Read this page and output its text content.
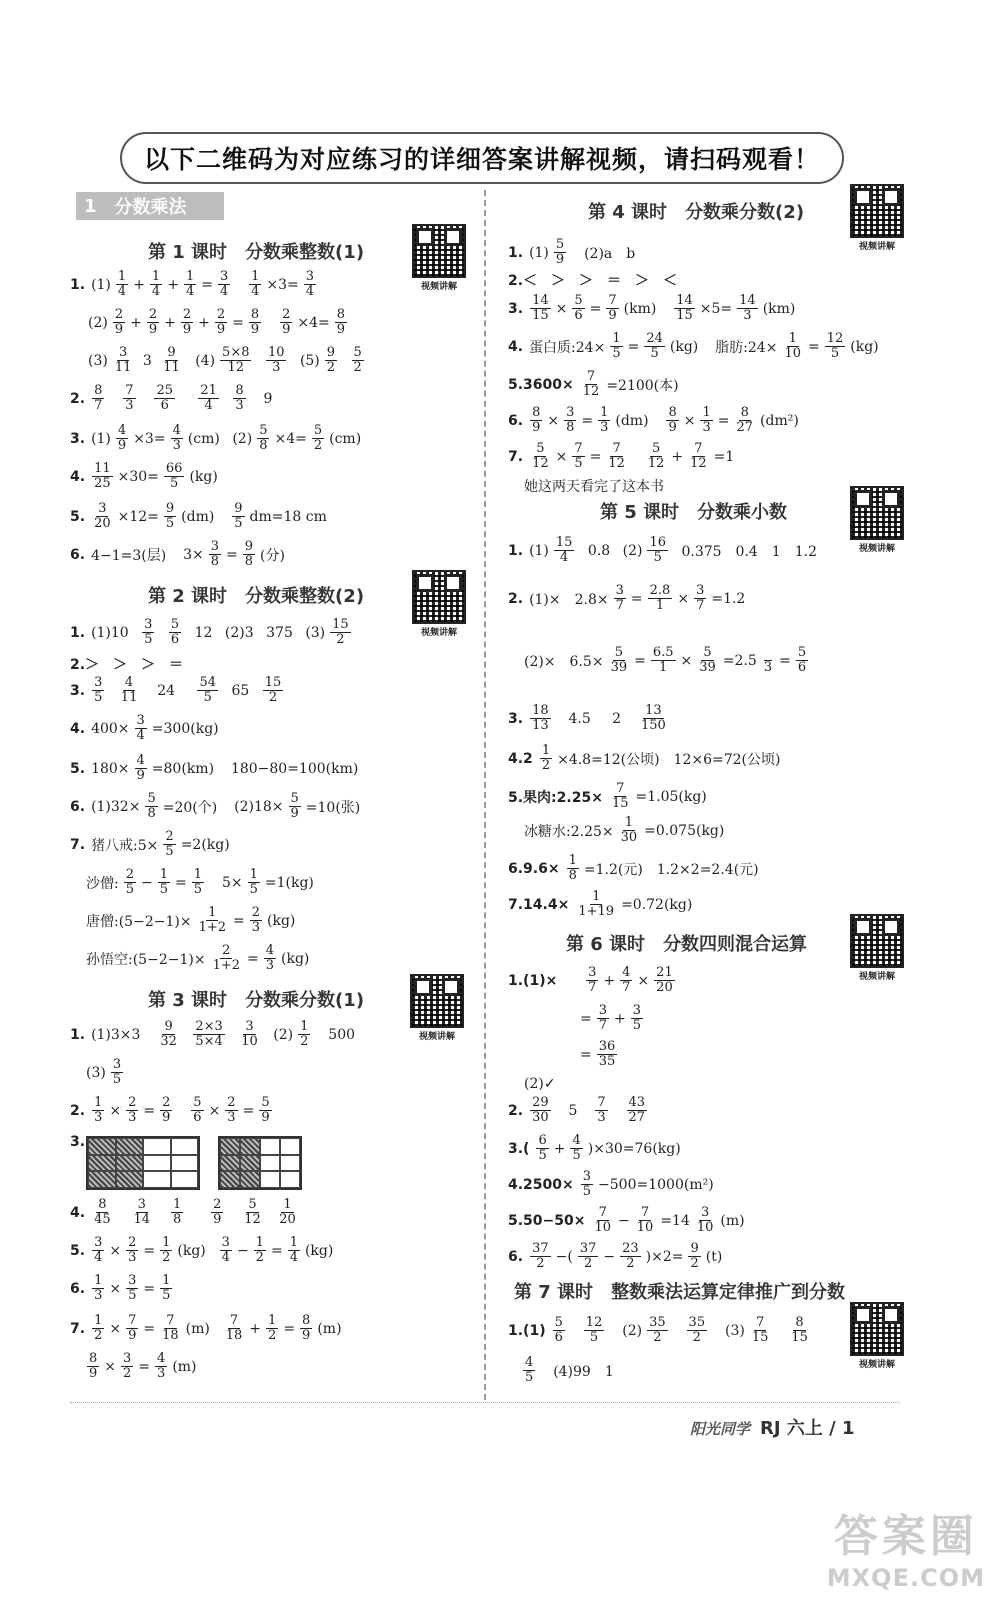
以下二维码为对应练习的详细答案讲解视频，请扫码观看！
1 分数乘法
视频讲解
视频讲解
视频讲解
视频讲解
视频讲解
视频讲解
视频讲解
第 1 课时 分数乘整数(1)
第 2 课时 分数乘整数(2)
第 3 课时 分数乘分数(1)
第 4 课时 分数乘分数(2)
第 5 课时 分数乘小数
第 6 课时 分数四则混合运算
第 7 课时 整数乘法运算定律推广到分数
1. $(1) \frac{1}{4} + \frac{1}{4} + \frac{1}{4} = \frac{3}{4}$
$\frac{1}{4} \times 3= \frac{3}{4}$
$(2) \frac{2}{9} + \frac{2}{9} + \frac{2}{9} + \frac{2}{9} = \frac{8}{9}$
$\frac{2}{9} \times 4= \frac{8}{9}$
$(3) \frac{3}{11} 3 \frac{9}{11}$
$(4) \frac{5\times 8}{12}$
$\frac{10}{3}$
$(5) \frac{9}{2}$
$\frac{5}{2}$
2. $\frac{8}{7}$
$\frac{7}{3}$
$\frac{25}{6}$
$\frac{21}{4}$
$\frac{8}{3}$
9
3. $(1) \frac{4}{9} \times 3= \frac{4}{3} (cm)$
$(2) \frac{5}{8} \times 4= \frac{5}{2} (cm)$
4. $\frac{11}{25} \times 30= \frac{66}{5} (kg)$
5. $\frac{3}{20} \times 12= \frac{9}{5} (dm)$
$\frac{9}{5} dm=18$ cm
6. 4−1=3(层)
$3\times \frac{3}{8} = \frac{9}{8}$ (分)
1. (1)10
$\frac{3}{5}$
$\frac{5}{6}$
12
(2)3
375
$(3) \frac{15}{2}$
2.＞　＞　＞　＝
3. $\frac{3}{5}$
$\frac{4}{11}$
24
$\frac{54}{5}$
65
$\frac{15}{2}$
4. $400\times \frac{3}{4} =300(kg)$
5. $180\times \frac{4}{9} =80(km)$
180−80=100(km)
6. $(1)32\times \frac{5}{8} =20$(个)
$(2)18\times \frac{5}{9} =10$(张)
7. 猪八戒:5× $\frac{2}{5} =2(kg)$
沙僧: $\frac{2}{5} - \frac{1}{5} = \frac{1}{5}$
$5\times \frac{1}{5} =1(kg)$
唐僧:(5−2−1)× $\frac{1}{1+2} = \frac{2}{3} (kg)$
孙悟空:(5−2−1)× $\frac{2}{1+2} = \frac{4}{3} (kg)$
1. (1)3×3
$\frac{9}{32}$
$\frac{2\times 3}{5\times 4}$
$\frac{3}{10}$
$(2) \frac{1}{2}$
500
$(3) \frac{3}{5}$
2. $\frac{1}{3} \times \frac{2}{3} = \frac{2}{9}$
$\frac{5}{6} \times \frac{2}{3} = \frac{5}{9}$
3.
4. $\frac{8}{45}$
$\frac{3}{14}$
$\frac{1}{8}$
$\frac{2}{9}$
$\frac{5}{12}$
$\frac{1}{20}$
5. $\frac{3}{4} \times \frac{2}{3} = \frac{1}{2} (kg) \frac{3}{4} - \frac{1}{2} = \frac{1}{4} (kg)$
6. $\frac{1}{3} \times \frac{3}{5} = \frac{1}{5}$
7. $\frac{1}{2} \times \frac{7}{9} = \frac{7}{18} (m) \frac{7}{18} + \frac{1}{2} = \frac{8}{9} (m)$
$\frac{8}{9} \times \frac{3}{2} = \frac{4}{3} (m)$
1. $(1) \frac{5}{9}$
(2)a　b
2.＜　＞　＞　＝　＞　＜
3. $\frac{14}{15} \times \frac{5}{6} = \frac{7}{9} (km)$
$\frac{14}{15} \times 5= \frac{14}{3} (km)$
4. 蛋白质:24× $\frac{1}{5} = \frac{24}{5} (kg)$
脂肪:24× $\frac{1}{10} = \frac{12}{5} (kg)$
$5.3600\times \frac{7}{12} =2100$(本)
6. $\frac{8}{9} \times \frac{3}{8} = \frac{1}{3} (dm)$
$\frac{8}{9} \times \frac{1}{3} = \frac{8}{27} (dm^2)$
7. $\frac{5}{12} \times \frac{7}{5} = \frac{7}{12}$
$\frac{5}{12} + \frac{7}{12} =1$
她这两天看完了这本书
1. $(1) \frac{15}{4}$
0.8
$(2) \frac{16}{5}$
0.375　0.4　1　1.2
2. (1)×　$2.8\times \frac{3}{7} = \frac{2.8}{1} \times \frac{3}{7} =1.2$
(2)×　$6.5\times \frac{5}{39} = \frac{6.5}{1} \times \frac{5}{39} =2.5$
$3 = \frac{5}{6}$
3. $\frac{18}{13}$
4.5
2
$\frac{13}{150}$
$4.2 \frac{1}{2} \times 4.8=12$(公顷)　12×6=72(公顷)
5.果肉:2.25× $\frac{7}{15} =1.05(kg)$
冰糖水:2.25× $\frac{1}{30} =0.075(kg)$
$6.9.6\times \frac{1}{8} =1.2$(元)　1.2×2=2.4(元)
$7.14.4\times \frac{1}{1+19} =0.72(kg)$
1.(1)×
$\frac{3}{7} + \frac{4}{7} \times \frac{21}{20}$
= $\frac{3}{7} + \frac{3}{5}$
= $\frac{36}{35}$
(2)✓
2. $\frac{29}{30}$
5
$\frac{7}{3}$
$\frac{43}{27}$
$3.( \frac{6}{5} + \frac{4}{5} )\times 30=76(kg)$
$4.2500\times \frac{3}{5} -500=1000(m^2)$
$5.50-50\times \frac{7}{10} - \frac{7}{10} =14 \frac{3}{10} (m)$
6. $\frac{37}{2}$ −( $\frac{37}{2} - \frac{23}{2} )\times 2= \frac{9}{2} (t)$
$1.(1) \frac{5}{6}$
$\frac{12}{5}$
$(2) \frac{35}{2}$
$\frac{35}{2}$
$(3) \frac{7}{15}$
$\frac{8}{15}$
$\frac{4}{5}$
(4)99　1
阳光同学 RJ 六上 / 1
答案圈
MXQE.COM
